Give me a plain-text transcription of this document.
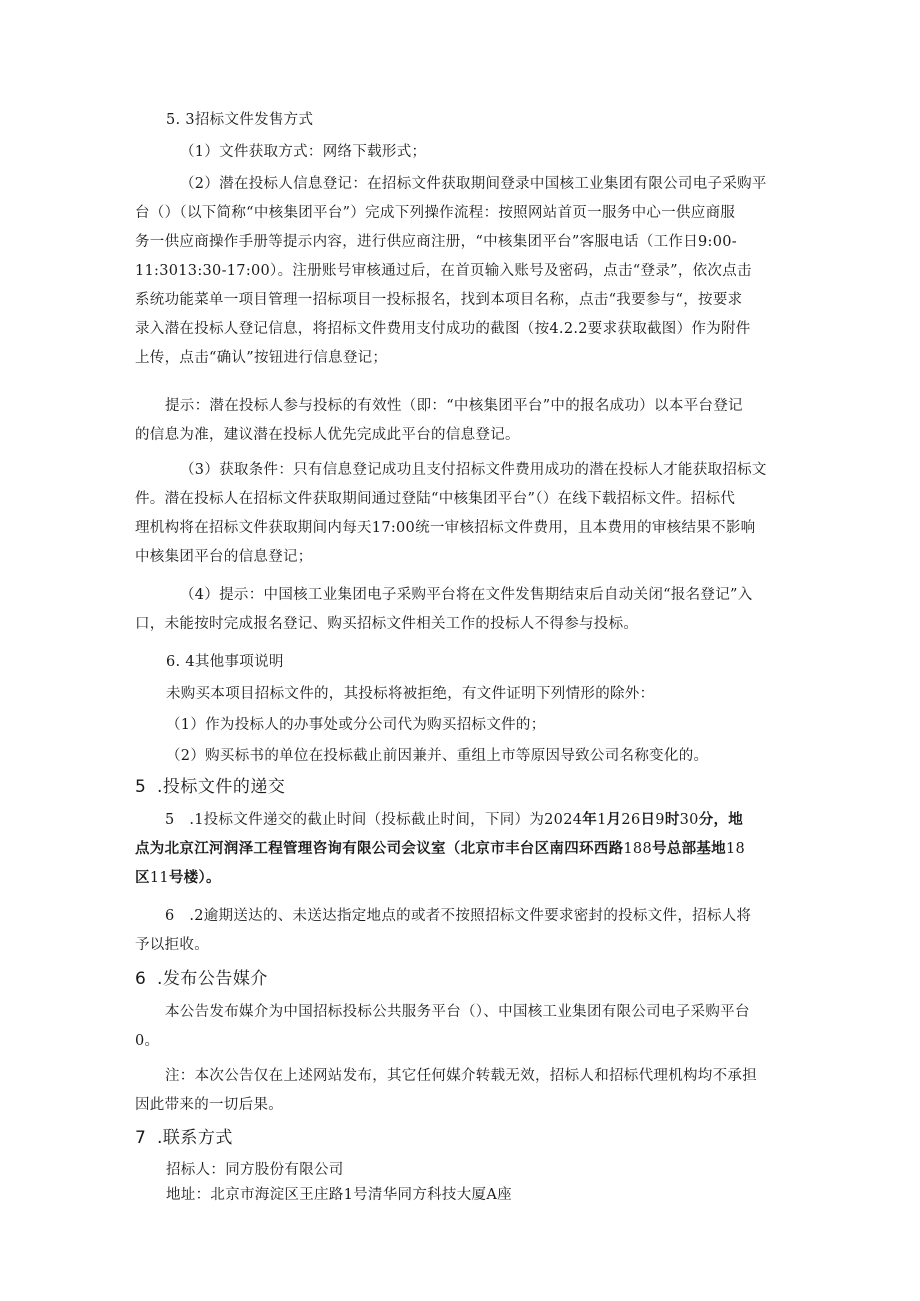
5. 3招标文件发售方式
（1）文件获取方式：网络下载形式；
（2）潜在投标人信息登记：在招标文件获取期间登录中国核工业集团有限公司电子采购平
台（）（以下简称“中核集团平台”）完成下列操作流程：按照网站首页一服务中心一供应商服
务一供应商操作手册等提示内容，进行供应商注册，“中核集团平台”客服电话（工作日9:00-
11:3013:30-17:00）。注册账号审核通过后，在首页输入账号及密码，点击“登录”，依次点击
系统功能菜单一项目管理一招标项目一投标报名，找到本项目名称，点击“我要参与“，按要求
录入潜在投标人登记信息，将招标文件费用支付成功的截图（按4.2.2要求获取截图）作为附件
上传，点击“确认”按钮进行信息登记；
提示：潜在投标人参与投标的有效性（即：“中核集团平台”中的报名成功）以本平台登记
的信息为准，建议潜在投标人优先完成此平台的信息登记。
（3）获取条件：只有信息登记成功且支付招标文件费用成功的潜在投标人才能获取招标文
件。潜在投标人在招标文件获取期间通过登陆“中核集团平台”（）在线下载招标文件。招标代
理机构将在招标文件获取期间内每天17:00统一审核招标文件费用，且本费用的审核结果不影响
中核集团平台的信息登记；
（4）提示：中国核工业集团电子采购平台将在文件发售期结束后自动关闭“报名登记”入
口，未能按时完成报名登记、购买招标文件相关工作的投标人不得参与投标。
6. 4其他事项说明
未购买本项目招标文件的，其投标将被拒绝，有文件证明下列情形的除外：
（1）作为投标人的办事处或分公司代为购买招标文件的；
（2）购买标书的单位在投标截止前因兼并、重组上市等原因导致公司名称变化的。
5 .投标文件的递交
5　.1投标文件递交的截止时间（投标截止时间，下同）为2024年1月26日9时30分，地
点为北京江河润泽工程管理咨询有限公司会议室（北京市丰台区南四环西路188号总部基地18
区11号楼）。
6　.2逾期送达的、未送达指定地点的或者不按照招标文件要求密封的投标文件，招标人将
予以拒收。
6 .发布公告媒介
本公告发布媒介为中国招标投标公共服务平台（）、中国核工业集团有限公司电子采购平台
0。
注：本次公告仅在上述网站发布，其它任何媒介转载无效，招标人和招标代理机构均不承担
因此带来的一切后果。
7 .联系方式
招标人：同方股份有限公司
地址：北京市海淀区王庄路1号清华同方科技大厦A座
